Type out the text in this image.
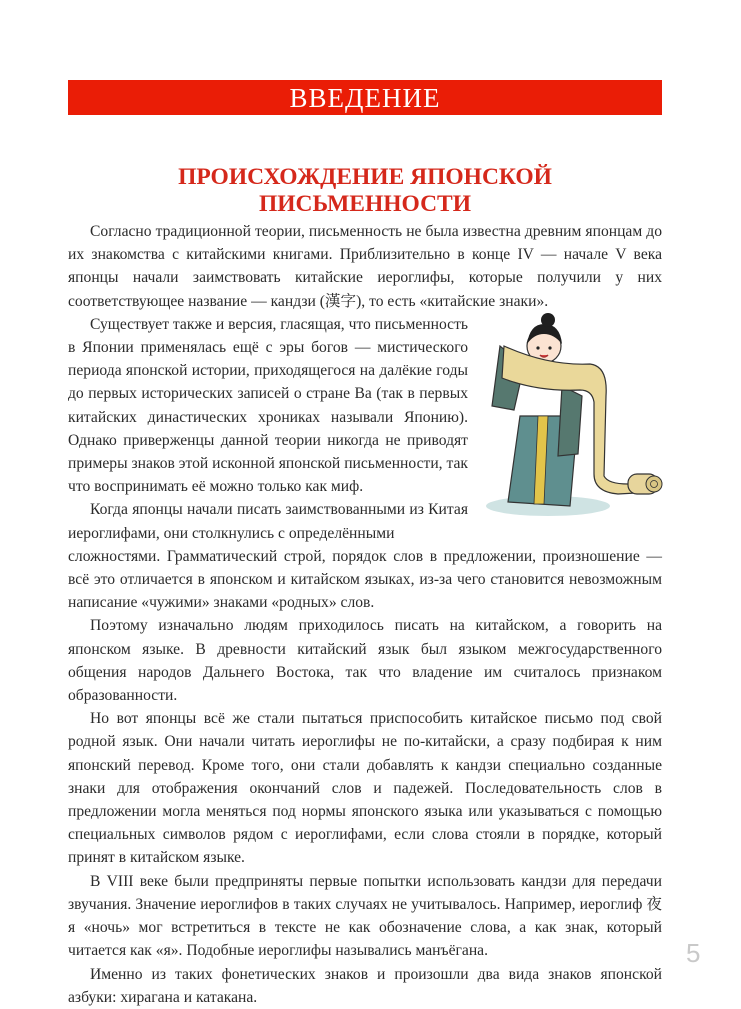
ВВЕДЕНИЕ
ПРОИСХОЖДЕНИЕ ЯПОНСКОЙ
ПИСЬМЕННОСТИ

Согласно традиционной теории, письменность не была известна древним японцам до их знакомства с китайскими книгами. Приблизительно в конце IV — начале V века японцы начали заимствовать китайские иероглифы, которые получили у них соответствующее название — кандзи (漢字), то есть «китайские знаки».

Существует также и версия, гласящая, что письменность в Японии применялась ещё с эры богов — мистического периода японской истории, приходящегося на далёкие годы до первых исторических записей о стране Ва (так в первых китайских династических хрониках называли Японию). Однако приверженцы данной теории никогда не приводят примеры знаков этой исконной японской письменности, так что воспринимать её можно только как миф.

Когда японцы начали писать заимствованными из Китая иероглифами, они столкнулись с определёнными

сложностями. Грамматический строй, порядок слов в предложении, произношение — всё это отличается в японском и китайском языках, из-за чего становится невозможным написание «чужими» знаками «родных» слов.

Поэтому изначально людям приходилось писать на китайском, а говорить на японском языке. В древности китайский язык был языком межгосударственного общения народов Дальнего Востока, так что владение им считалось признаком образованности.

Но вот японцы всё же стали пытаться приспособить китайское письмо под свой родной язык. Они начали читать иероглифы не по-китайски, а сразу подбирая к ним японский перевод. Кроме того, они стали добавлять к кандзи специально созданные знаки для отображения окончаний слов и падежей. Последовательность слов в предложении могла меняться под нормы японского языка или указываться с помощью специальных символов рядом с иероглифами, если слова стояли в порядке, который принят в китайском языке.

В VIII веке были предприняты первые попытки использовать кандзи для передачи звучания. Значение иероглифов в таких случаях не учитывалось. Например, иероглиф 夜 я «ночь» мог встретиться в тексте не как обозначение слова, а как знак, который читается как «я». Подобные иероглифы назывались манъёгана.

Именно из таких фонетических знаков и произошли два вида знаков японской азбуки: хирагана и катакана.

5
